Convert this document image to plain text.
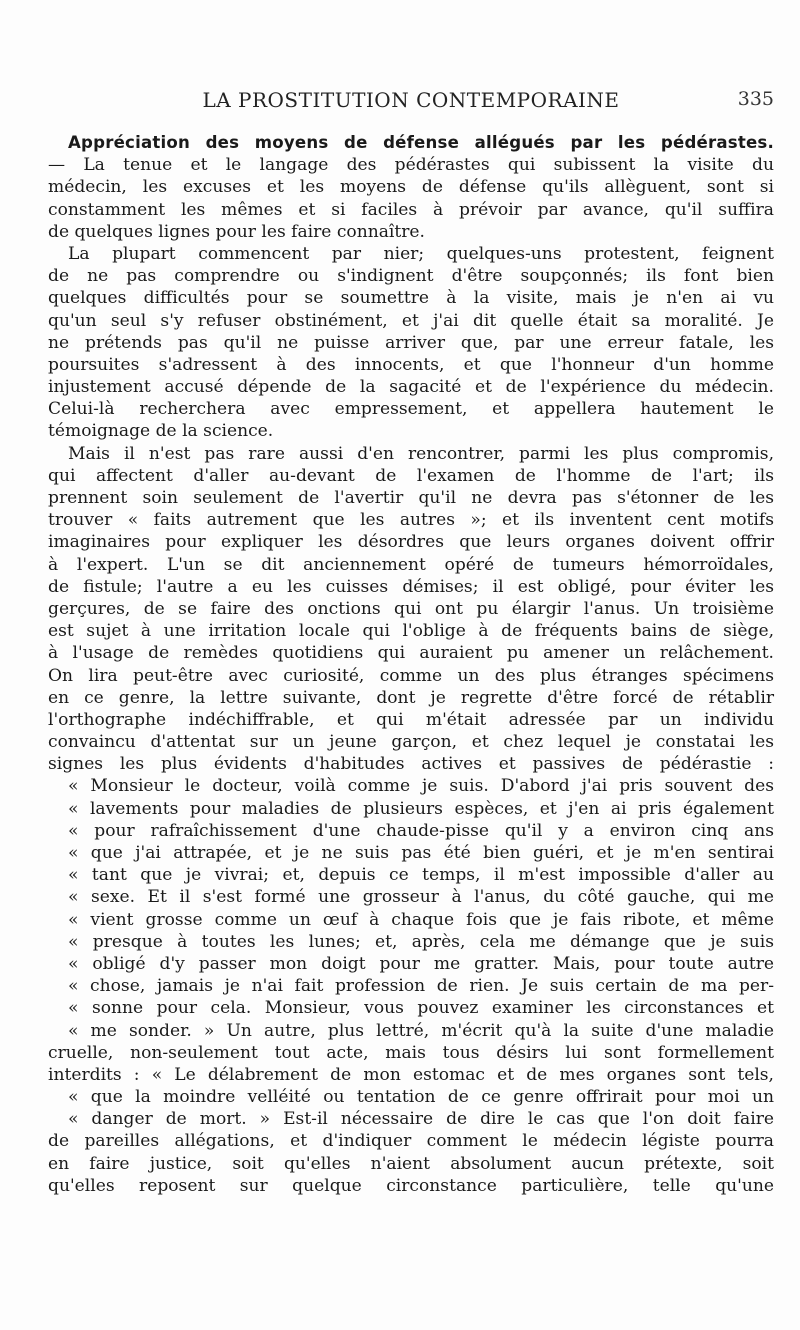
LA PROSTITUTION CONTEMPORAINE	335
Appréciation des moyens de défense allégués par les pédérastes.
— La tenue et le langage des pédérastes qui subissent la visite du
médecin, les excuses et les moyens de défense qu'ils allèguent, sont si
constamment les mêmes et si faciles à prévoir par avance, qu'il suffira
de quelques lignes pour les faire connaître.
La plupart commencent par nier; quelques-uns protestent, feignent
de ne pas comprendre ou s'indignent d'être soupçonnés; ils font bien
quelques difficultés pour se soumettre à la visite, mais je n'en ai vu
qu'un seul s'y refuser obstinément, et j'ai dit quelle était sa moralité. Je
ne prétends pas qu'il ne puisse arriver que, par une erreur fatale, les
poursuites s'adressent à des innocents, et que l'honneur d'un homme
injustement accusé dépende de la sagacité et de l'expérience du médecin.
Celui-là recherchera avec empressement, et appellera hautement le
témoignage de la science.
Mais il n'est pas rare aussi d'en rencontrer, parmi les plus compromis,
qui affectent d'aller au-devant de l'examen de l'homme de l'art; ils
prennent soin seulement de l'avertir qu'il ne devra pas s'étonner de les
trouver « faits autrement que les autres »; et ils inventent cent motifs
imaginaires pour expliquer les désordres que leurs organes doivent offrir
à l'expert. L'un se dit anciennement opéré de tumeurs hémorroïdales,
de fistule; l'autre a eu les cuisses démises; il est obligé, pour éviter les
gerçures, de se faire des onctions qui ont pu élargir l'anus. Un troisième
est sujet à une irritation locale qui l'oblige à de fréquents bains de siège,
à l'usage de remèdes quotidiens qui auraient pu amener un relâchement.
On lira peut-être avec curiosité, comme un des plus étranges spécimens
en ce genre, la lettre suivante, dont je regrette d'être forcé de rétablir
l'orthographe indéchiffrable, et qui m'était adressée par un individu
convaincu d'attentat sur un jeune garçon, et chez lequel je constatai les
signes les plus évidents d'habitudes actives et passives de pédérastie :
« Monsieur le docteur, voilà comme je suis. D'abord j'ai pris souvent des
« lavements pour maladies de plusieurs espèces, et j'en ai pris également
« pour rafraîchissement d'une chaude-pisse qu'il y a environ cinq ans
« que j'ai attrapée, et je ne suis pas été bien guéri, et je m'en sentirai
« tant que je vivrai; et, depuis ce temps, il m'est impossible d'aller au
« sexe. Et il s'est formé une grosseur à l'anus, du côté gauche, qui me
« vient grosse comme un œuf à chaque fois que je fais ribote, et même
« presque à toutes les lunes; et, après, cela me démange que je suis
« obligé d'y passer mon doigt pour me gratter. Mais, pour toute autre
« chose, jamais je n'ai fait profession de rien. Je suis certain de ma per-
« sonne pour cela. Monsieur, vous pouvez examiner les circonstances et
« me sonder. » Un autre, plus lettré, m'écrit qu'à la suite d'une maladie
cruelle, non-seulement tout acte, mais tous désirs lui sont formellement
interdits : « Le délabrement de mon estomac et de mes organes sont tels,
« que la moindre velléité ou tentation de ce genre offrirait pour moi un
« danger de mort. » Est-il nécessaire de dire le cas que l'on doit faire
de pareilles allégations, et d'indiquer comment le médecin légiste pourra
en faire justice, soit qu'elles n'aient absolument aucun prétexte, soit
qu'elles reposent sur quelque circonstance particulière, telle qu'une
